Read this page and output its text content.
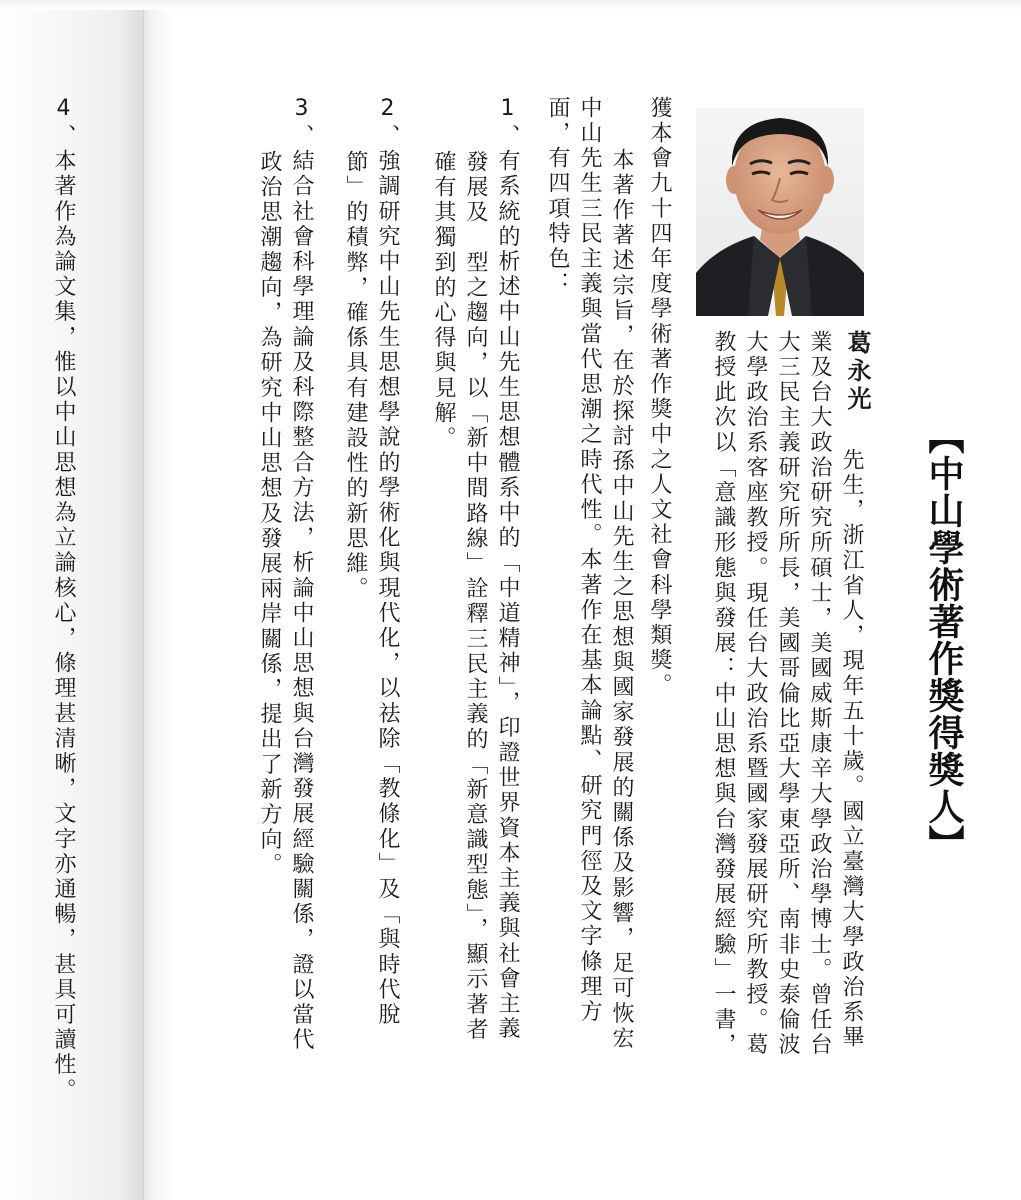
【中山學術著作獎得獎人】
葛永光
先生，浙江省人，現年五十歲。國立臺灣大學政治系畢
業及台大政治研究所碩士，美國威斯康辛大學政治學博士。曾任台
大三民主義研究所所長，美國哥倫比亞大學東亞所、南非史泰倫波
大學政治系客座教授。現任台大政治系暨國家發展研究所教授。葛
教授此次以「意識形態與發展：中山思想與台灣發展經驗」一書，
獲本會九十四年度學術著作獎中之人文社會科學類獎。
本著作著述宗旨，在於探討孫中山先生之思想與國家發展的關係及影響，足可恢宏
中山先生三民主義與當代思潮之時代性。本著作在基本論點、研究門徑及文字條理方
面，有四項特色：
1、有系統的析述中山先生思想體系中的「中道精神」，印證世界資本主義與社會主義
發展及　型之趨向，以「新中間路線」詮釋三民主義的「新意識型態」，顯示著者
確有其獨到的心得與見解。
2、強調研究中山先生思想學說的學術化與現代化，以祛除「教條化」及「與時代脫
節」的積弊，確係具有建設性的新思維。
3、結合社會科學理論及科際整合方法，析論中山思想與台灣發展經驗關係，證以當代
政治思潮趨向，為研究中山思想及發展兩岸關係，提出了新方向。
4、本著作為論文集，惟以中山思想為立論核心，條理甚清晰，文字亦通暢，甚具可讀性。
